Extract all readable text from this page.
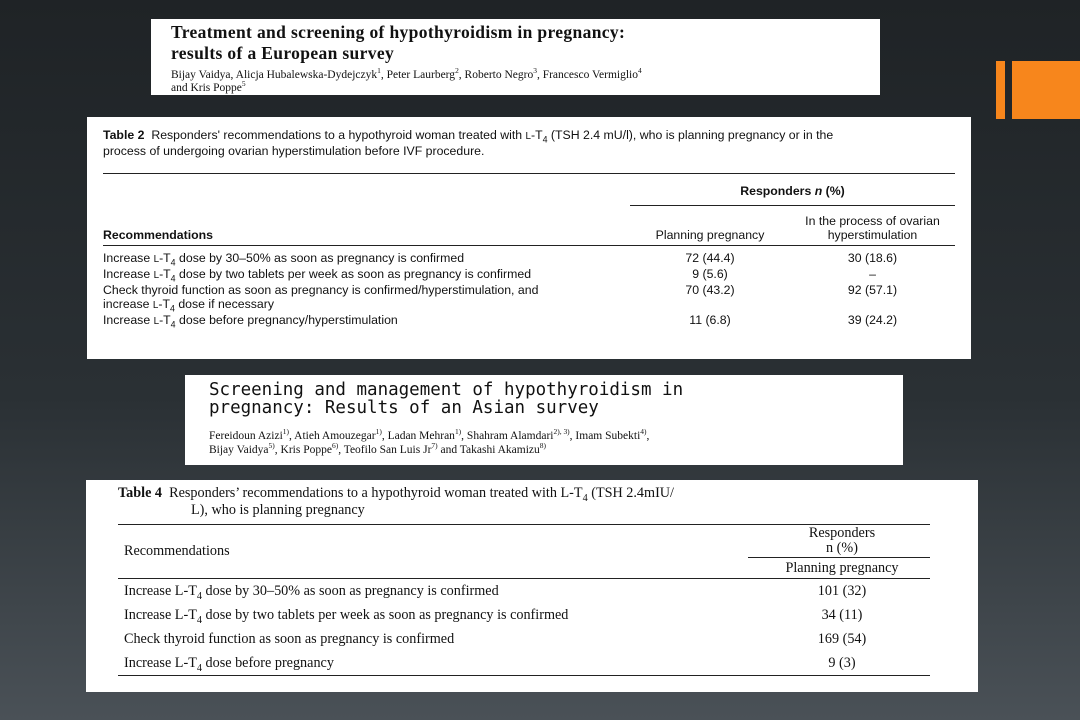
Treatment and screening of hypothyroidism in pregnancy:
results of a European survey
Bijay Vaidya, Alicja Hubalewska-Dydejczyk$^1$, Peter Laurberg$^2$, Roberto Negro$^3$, Francesco Vermiglio$^4$
and Kris Poppe$^5$
Table 2 Responders' recommendations to a hypothyroid woman treated with $L-T_4$ (TSH 2.4 mU/l), who is planning pregnancy or in the
process of undergoing ovarian hyperstimulation before IVF procedure.
	Responders n (%)	
Recommendations	Planning pregnancy	In the process of ovarian
hyperstimulation
Increase $L-T_4$ dose by 30–50% as soon as pregnancy is confirmed	72 (44.4)	30 (18.6)
Increase $L-T_4$ dose by two tablets per week as soon as pregnancy is confirmed	9 (5.6)	–
Check thyroid function as soon as pregnancy is confirmed/hyperstimulation, and
increase $L-T_4$ dose if necessary	70 (43.2)	92 (57.1)
Increase $L-T_4$ dose before pregnancy/hyperstimulation	11 (6.8)	39 (24.2)
Screening and management of hypothyroidism in
pregnancy: Results of an Asian survey
Fereidoun Azizi$^{1)}$, Atieh Amouzegar$^{1)}$, Ladan Mehran$^{1)}$, Shahram Alamdari$^{2), 3)}$, Imam Subekti$^{4)}$,
Bijay Vaidya$^{5)}$, Kris Poppe$^{6)}$, Teofilo San Luis Jr$^{7)}$ and Takashi Akamizu$^{8)}$
Table 4 Responders’ recommendations to a hypothyroid woman treated with $L-T_4$ (TSH 2.4mIU/
L), who is planning pregnancy
Recommendations	Responders
n (%)
	Planning pregnancy
Increase $L-T_4$ dose by 30–50% as soon as pregnancy is confirmed	101 (32)
Increase $L-T_4$ dose by two tablets per week as soon as pregnancy is confirmed	34 (11)
Check thyroid function as soon as pregnancy is confirmed	169 (54)
Increase $L-T_4$ dose before pregnancy	9 (3)
